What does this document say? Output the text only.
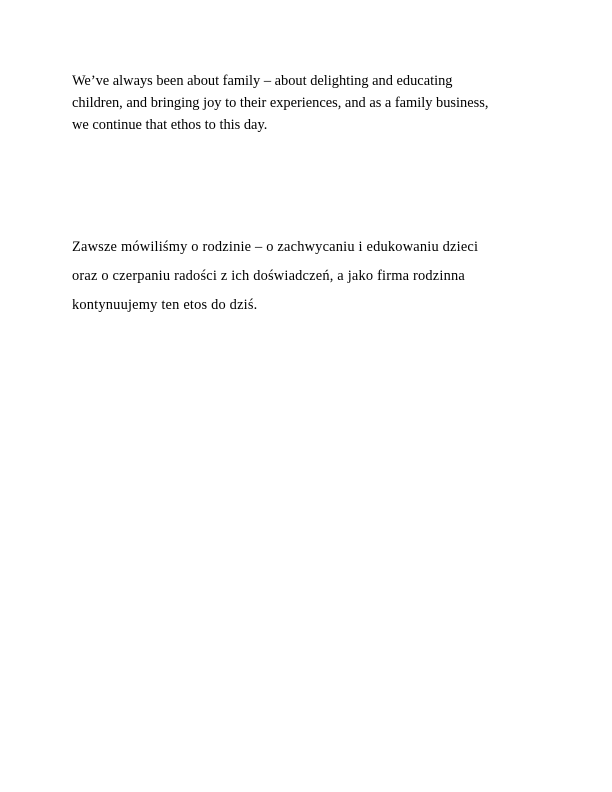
We’ve always been about family – about delighting and educating
children, and bringing joy to their experiences, and as a family business,
we continue that ethos to this day.

Zawsze mówiliśmy o rodzinie – o zachwycaniu i edukowaniu dzieci
oraz o czerpaniu radości z ich doświadczeń, a jako firma rodzinna
kontynuujemy ten etos do dziś.
